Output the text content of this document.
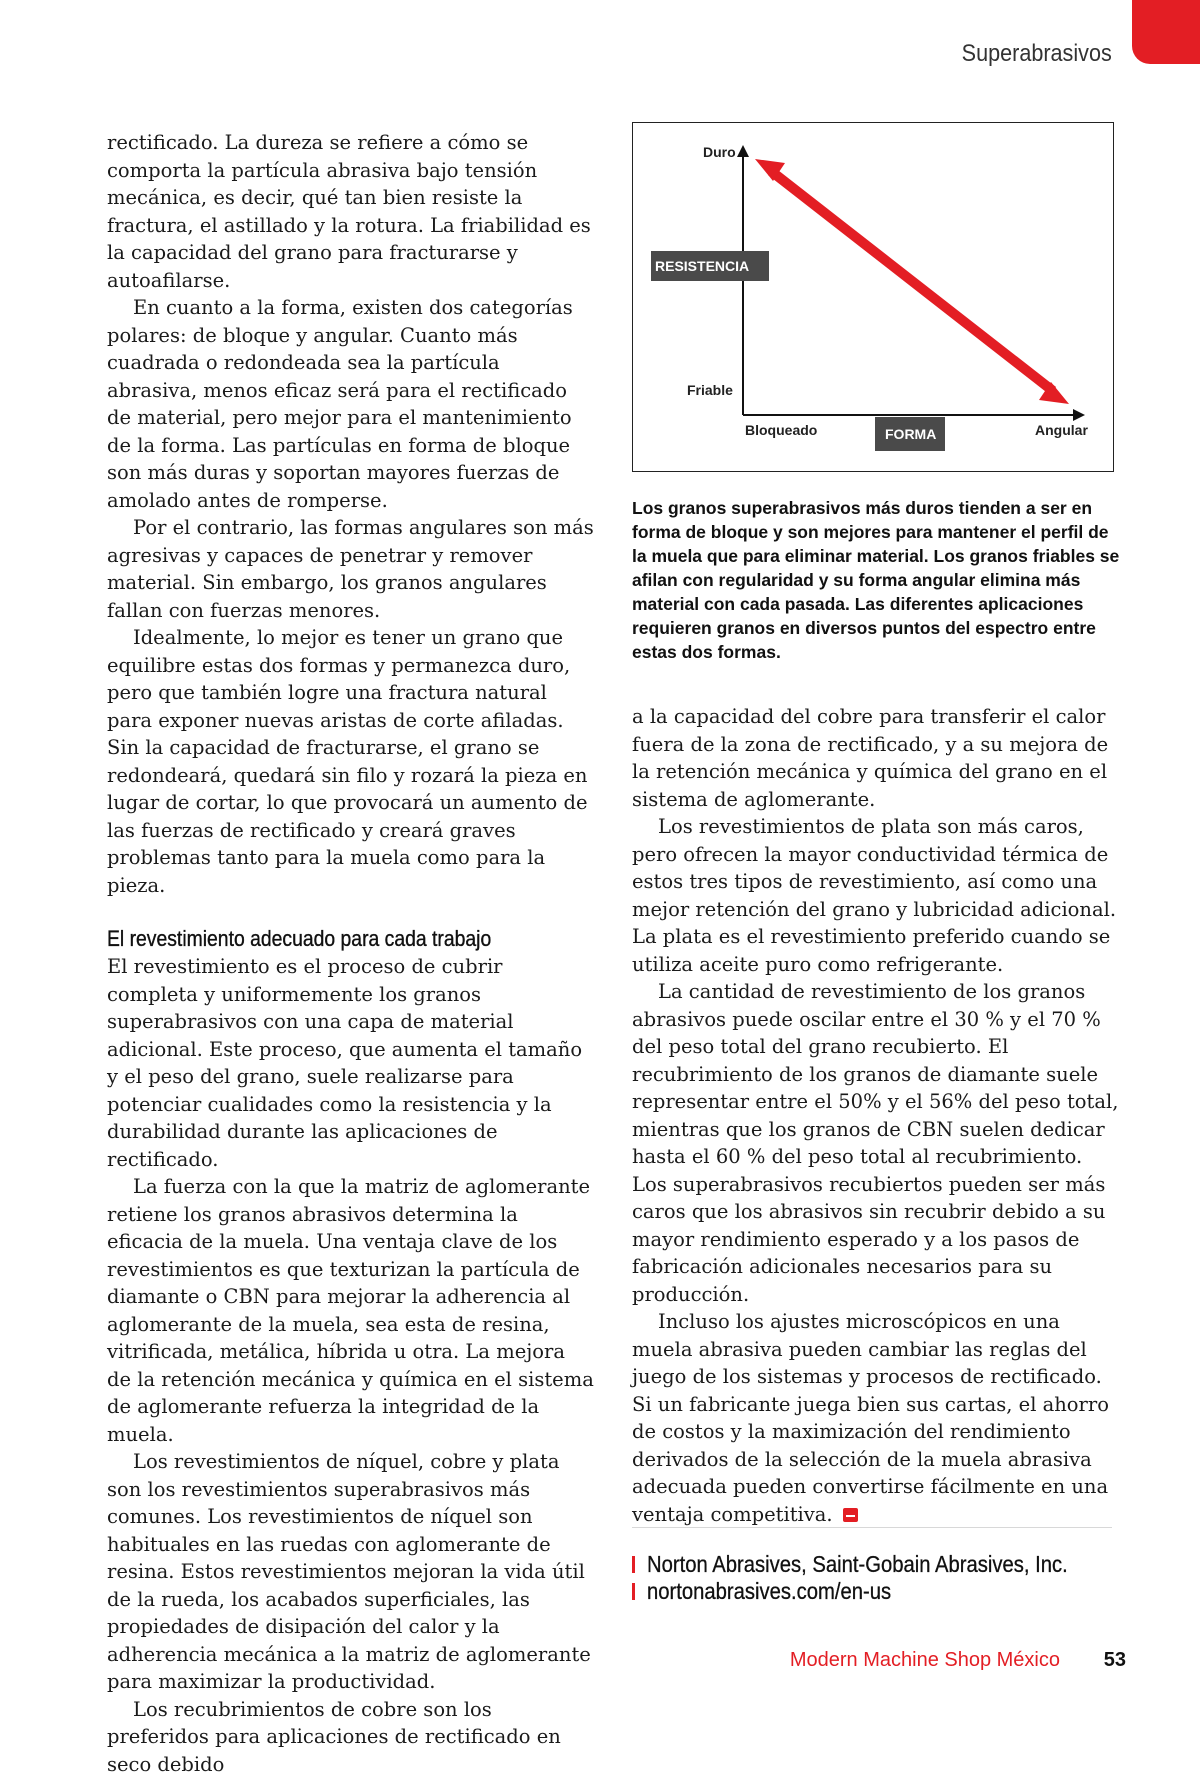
Superabrasivos

rectificado. La dureza se refiere a cómo se comporta la partícula abrasiva bajo tensión mecánica, es decir, qué tan bien resiste la fractura, el astillado y la rotura. La friabilidad es la capacidad del grano para fracturarse y autoafilarse.

En cuanto a la forma, existen dos categorías polares: de bloque y angular. Cuanto más cuadrada o redondeada sea la partícula abrasiva, menos eficaz será para el rectificado de material, pero mejor para el mantenimiento de la forma. Las partículas en forma de bloque son más duras y soportan mayores fuerzas de amolado antes de romperse.

Por el contrario, las formas angulares son más agresivas y capaces de penetrar y remover material. Sin embargo, los granos angulares fallan con fuerzas menores.

Idealmente, lo mejor es tener un grano que equilibre estas dos formas y permanezca duro, pero que también logre una fractura natural para exponer nuevas aristas de corte afiladas. Sin la capacidad de fracturarse, el grano se redondeará, quedará sin filo y rozará la pieza en lugar de cortar, lo que provocará un aumento de las fuerzas de rectificado y creará graves problemas tanto para la muela como para la pieza.

El revestimiento adecuado para cada trabajo

El revestimiento es el proceso de cubrir completa y uniformemente los granos superabrasivos con una capa de material adicional. Este proceso, que aumenta el tamaño y el peso del grano, suele realizarse para potenciar cualidades como la resistencia y la durabilidad durante las aplicaciones de rectificado.

La fuerza con la que la matriz de aglomerante retiene los granos abrasivos determina la eficacia de la muela. Una ventaja clave de los revestimientos es que texturizan la partícula de diamante o CBN para mejorar la adherencia al aglomerante de la muela, sea esta de resina, vitrificada, metálica, híbrida u otra. La mejora de la retención mecánica y química en el sistema de aglomerante refuerza la integridad de la muela.

Los revestimientos de níquel, cobre y plata son los revestimientos superabrasivos más comunes. Los revestimientos de níquel son habituales en las ruedas con aglomerante de resina. Estos revestimientos mejoran la vida útil de la rueda, los acabados superficiales, las propiedades de disipación del calor y la adherencia mecánica a la matriz de aglomerante para maximizar la productividad.

Los recubrimientos de cobre son los preferidos para aplicaciones de rectificado en seco debido

Duro
RESISTENCIA
Friable
Bloqueado	FORMA	Angular
Los granos superabrasivos más duros tienden a ser en forma de bloque y son mejores para mantener el perfil de la muela que para eliminar material. Los granos friables se afilan con regularidad y su forma angular elimina más material con cada pasada. Las diferentes aplicaciones requieren granos en diversos puntos del espectro entre estas dos formas.

a la capacidad del cobre para transferir el calor fuera de la zona de rectificado, y a su mejora de la retención mecánica y química del grano en el sistema de aglomerante.

Los revestimientos de plata son más caros, pero ofrecen la mayor conductividad térmica de estos tres tipos de revestimiento, así como una mejor retención del grano y lubricidad adicional. La plata es el revestimiento preferido cuando se utiliza aceite puro como refrigerante.

La cantidad de revestimiento de los granos abrasivos puede oscilar entre el 30 % y el 70 % del peso total del grano recubierto. El recubrimiento de los granos de diamante suele representar entre el 50% y el 56% del peso total, mientras que los granos de CBN suelen dedicar hasta el 60 % del peso total al recubrimiento. Los superabrasivos recubiertos pueden ser más caros que los abrasivos sin recubrir debido a su mayor rendimiento esperado y a los pasos de fabricación adicionales necesarios para su producción.

Incluso los ajustes microscópicos en una muela abrasiva pueden cambiar las reglas del juego de los sistemas y procesos de rectificado. Si un fabricante juega bien sus cartas, el ahorro de costos y la maximización del rendimiento derivados de la selección de la muela abrasiva adecuada pueden convertirse fácilmente en una ventaja competitiva.

Norton Abrasives, Saint-Gobain Abrasives, Inc.
nortonabrasives.com/en-us
Modern Machine Shop México 53
